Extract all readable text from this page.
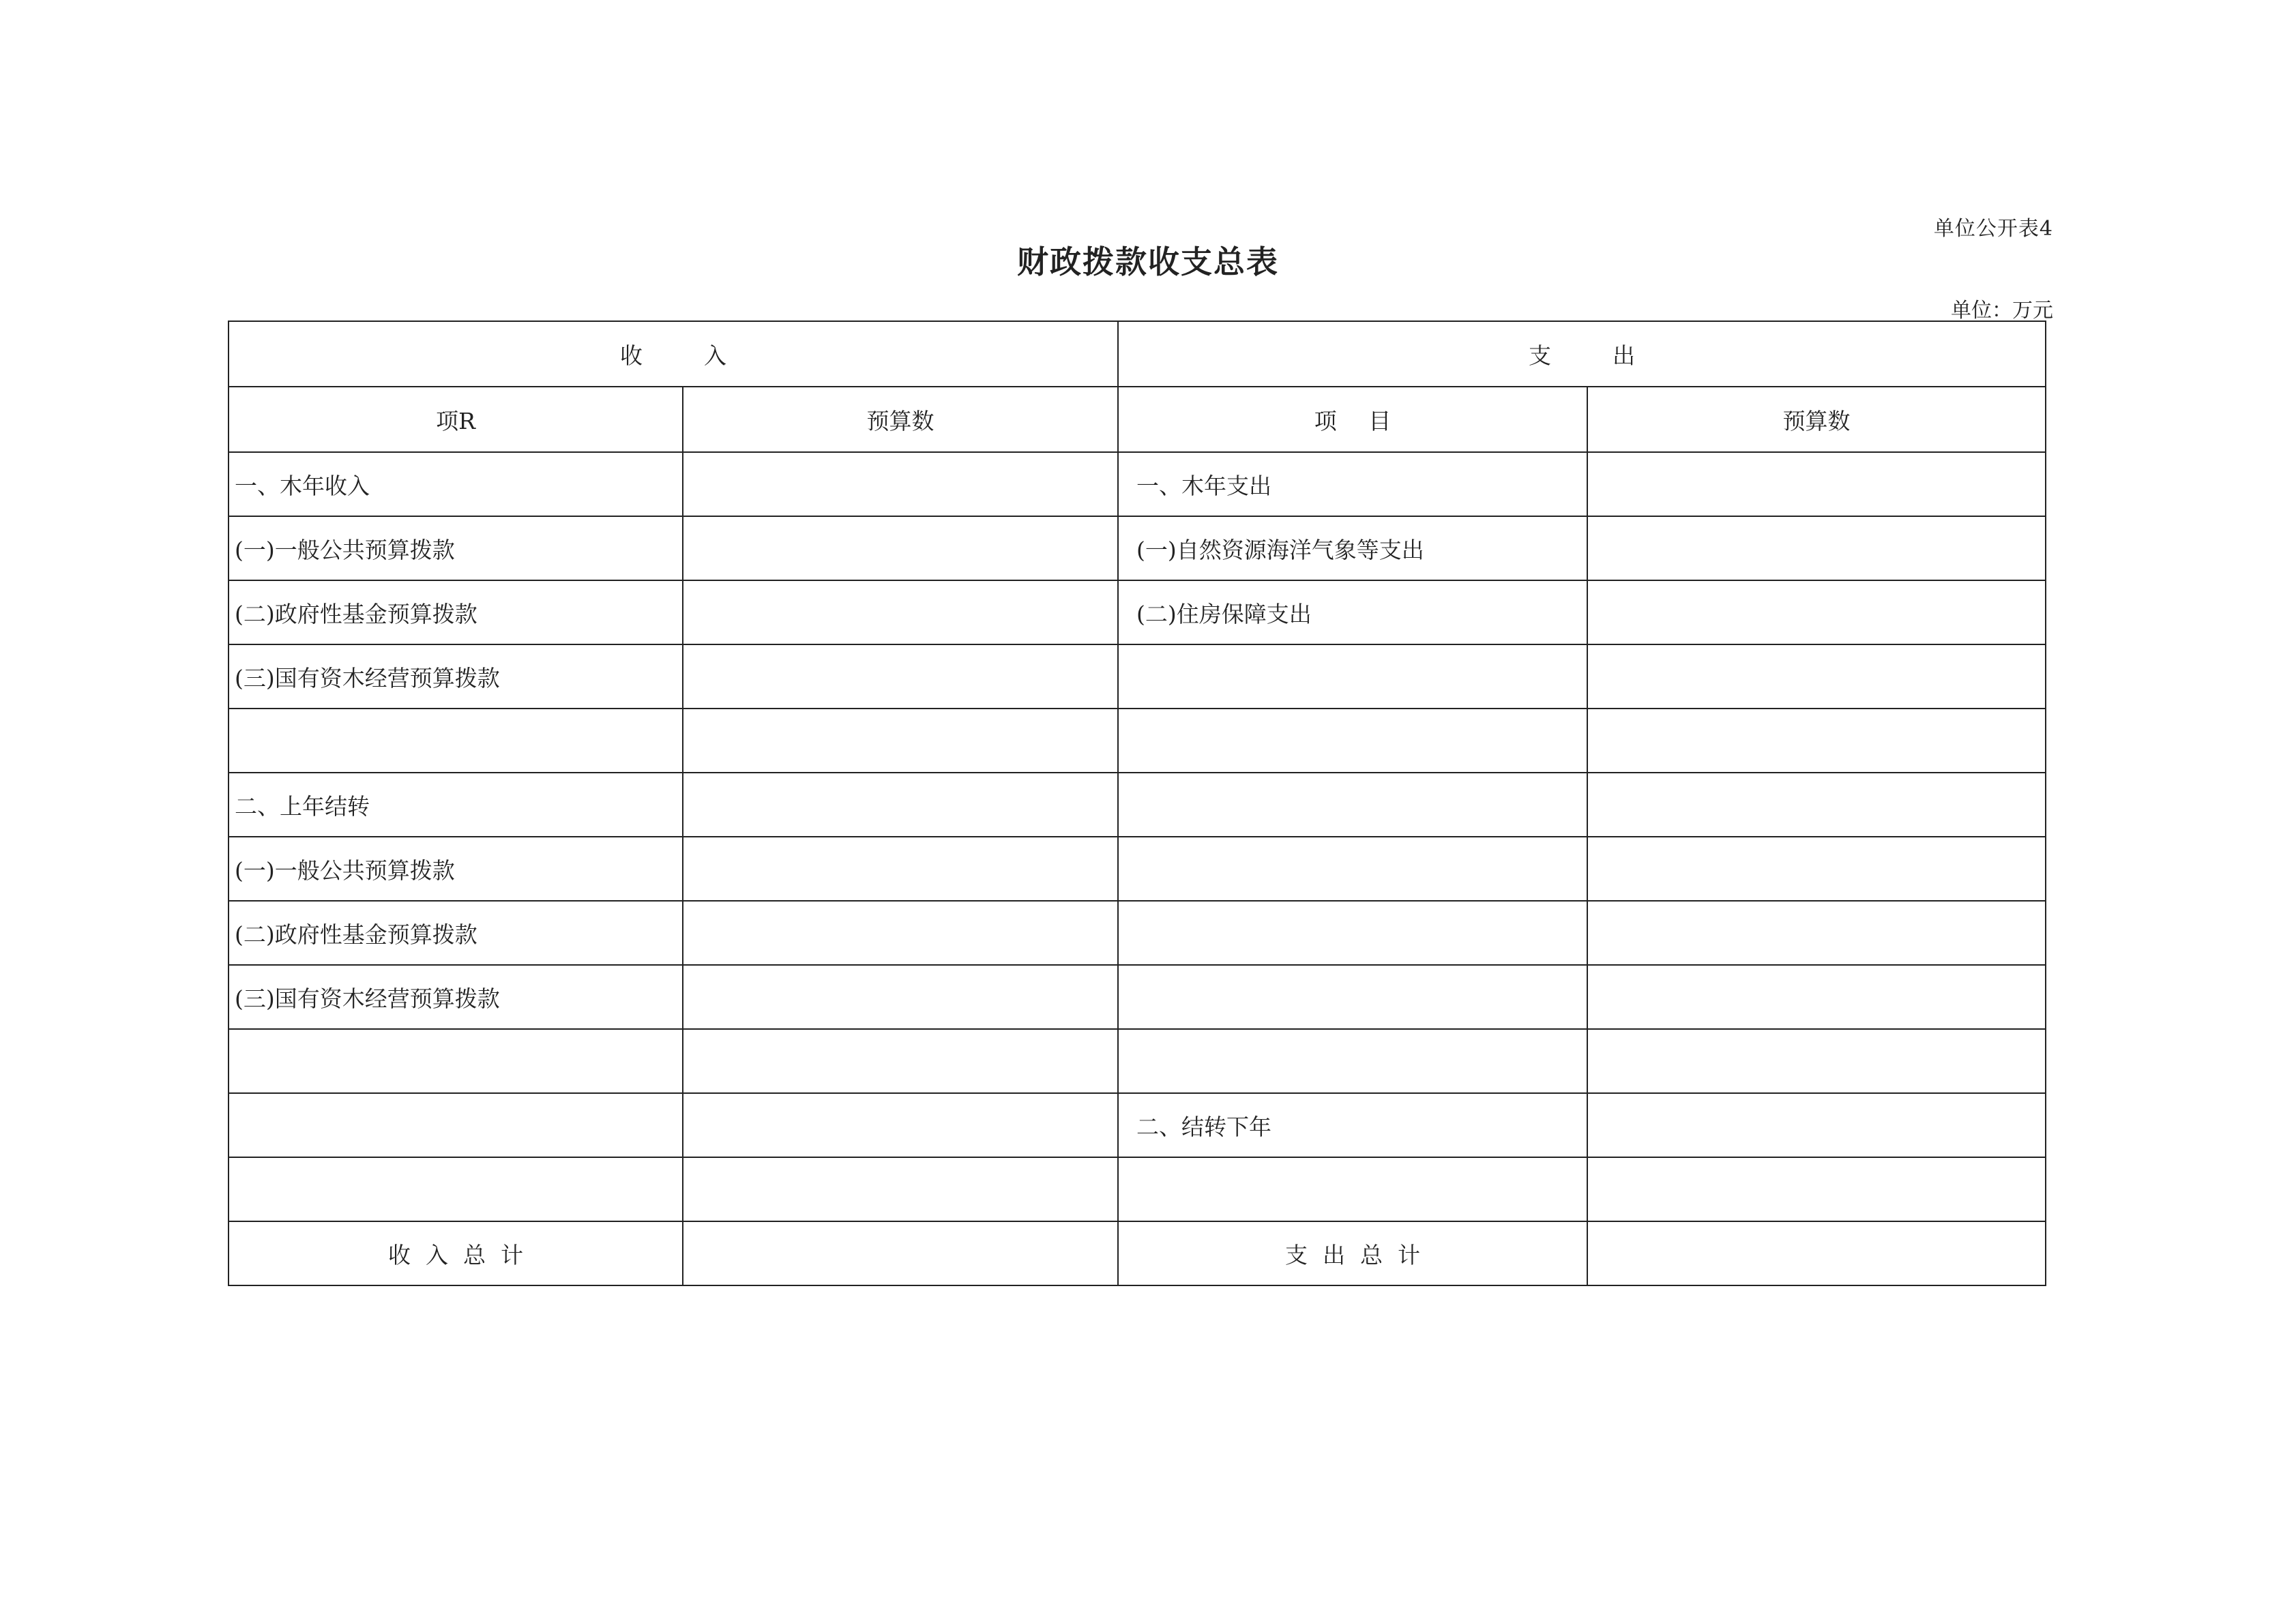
单位公开表4
财政拨款收支总表
单位：万元
收入		支出	
项R	预算数	项 目	预算数
一、木年收入		一、木年支出	
(一)一般公共预算拨款		(一)自然资源海洋气象等支出	
(二)政府性基金预算拨款		(二)住房保障支出	
(三)国有资木经营预算拨款			

二、上年结转			
(一)一般公共预算拨款			
(二)政府性基金预算拨款			
(三)国有资木经营预算拨款			

		二、结转下年	

收入总计		支出总计	
